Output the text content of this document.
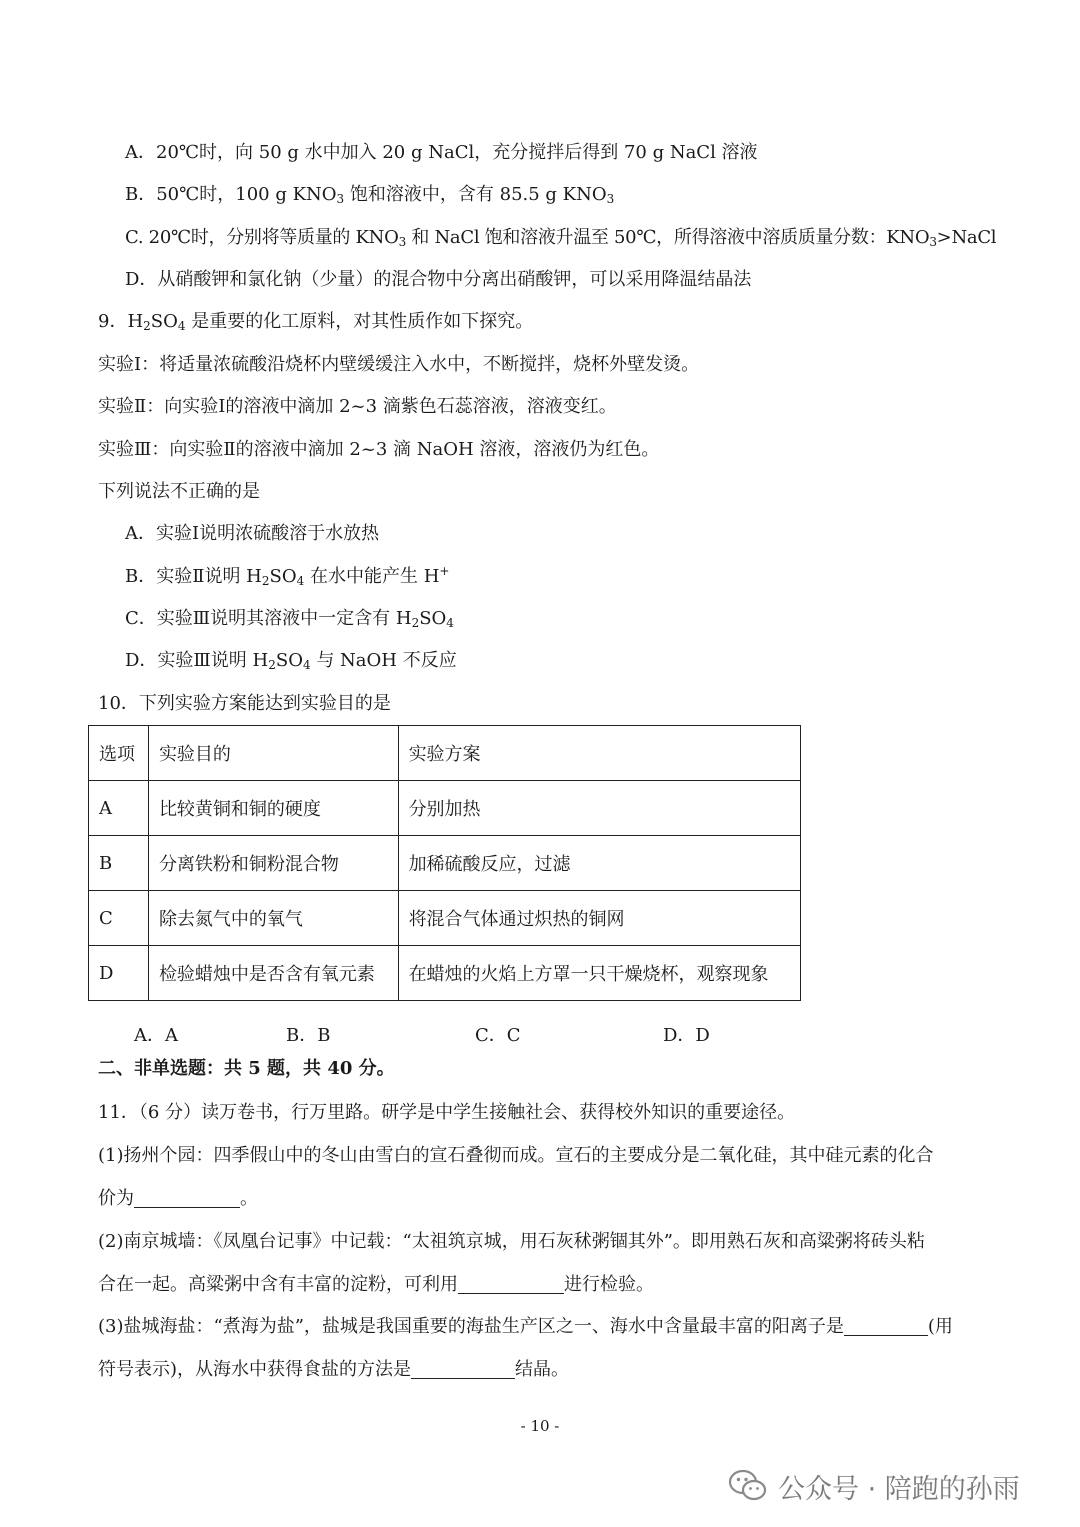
A．20℃时，向 50 g 水中加入 20 g NaCl，充分搅拌后得到 70 g NaCl 溶液
B．50℃时，100 g $KNO_3$ 饱和溶液中，含有 85.5 g $KNO_3$
C. 20℃时，分别将等质量的 $KNO_3$ 和 NaCl 饱和溶液升温至 50℃，所得溶液中溶质质量分数：$KNO_3>NaCl$
D．从硝酸钾和氯化钠（少量）的混合物中分离出硝酸钾，可以采用降温结晶法
9．$H_2SO_4$ 是重要的化工原料，对其性质作如下探究。
实验Ⅰ：将适量浓硫酸沿烧杯内壁缓缓注入水中，不断搅拌，烧杯外壁发烫。
实验Ⅱ：向实验Ⅰ的溶液中滴加 2~3 滴紫色石蕊溶液，溶液变红。
实验Ⅲ：向实验Ⅱ的溶液中滴加 2~3 滴 NaOH 溶液，溶液仍为红色。
下列说法不正确的是
A．实验Ⅰ说明浓硫酸溶于水放热
B．实验Ⅱ说明 $H_2SO_4$ 在水中能产生 H+
C．实验Ⅲ说明其溶液中一定含有 $H_2SO_4$
D．实验Ⅲ说明 $H_2SO_4$ 与 NaOH 不反应
10．下列实验方案能达到实验目的是
选项	实验目的	实验方案
A	比较黄铜和铜的硬度	分别加热
B	分离铁粉和铜粉混合物	加稀硫酸反应，过滤
C	除去氮气中的氧气	将混合气体通过炽热的铜网
D	检验蜡烛中是否含有氧元素	在蜡烛的火焰上方罩一只干燥烧杯，观察现象
A．A	B．B	C．C	D．D
二、非单选题：共 5 题，共 40 分。
11．（6 分）读万卷书，行万里路。研学是中学生接触社会、获得校外知识的重要途径。
(1)扬州个园：四季假山中的冬山由雪白的宣石叠彻而成。宣石的主要成分是二氧化硅，其中硅元素的化合
价为	。
(2)南京城墙：《凤凰台记事》中记载：“太祖筑京城，用石灰秫粥锢其外”。即用熟石灰和高粱粥将砖头粘
合在一起。高粱粥中含有丰富的淀粉，可利用	进行检验。
(3)盐城海盐：“煮海为盐”，盐城是我国重要的海盐生产区之一、海水中含量最丰富的阳离子是	(用
符号表示)，从海水中获得食盐的方法是	结晶。
- 10 -
公众号 · 陪跑的孙雨
